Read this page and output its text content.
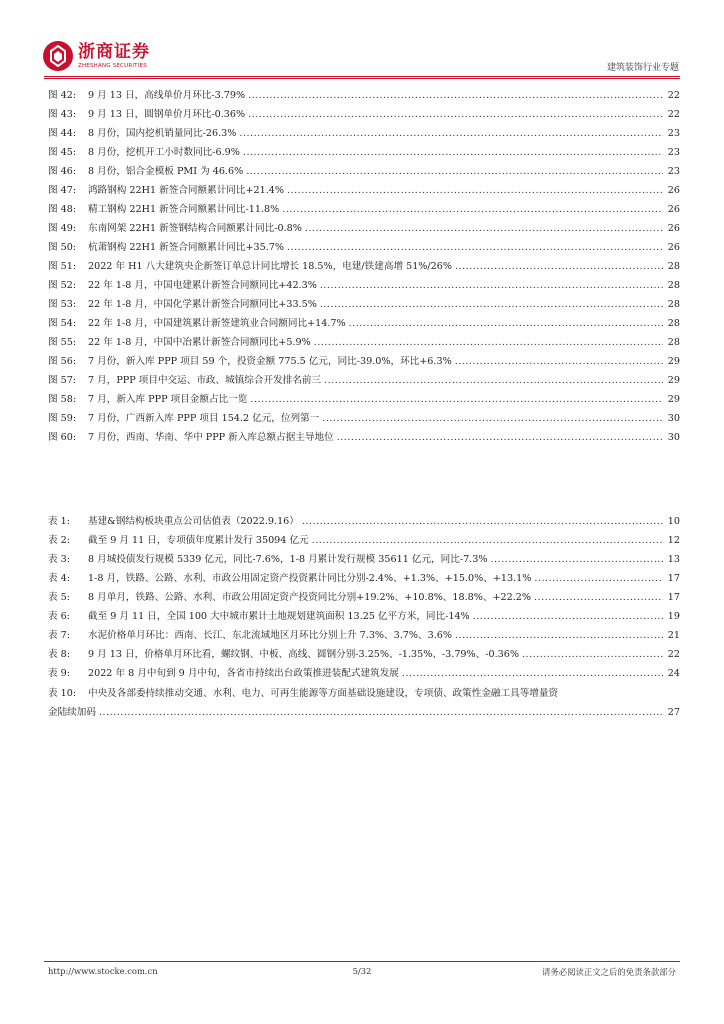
浙商证券
ZHESHANG SECURITIES	建筑装饰行业专题
图 42:	9 月 13 日，高线单价月环比-3.79% .....	22
图 43:	9 月 13 日，圆钢单价月环比-0.36% .....	22
图 44:	8 月份，国内挖机销量同比-26.3% .....	23
图 45:	8 月份，挖机开工小时数同比-6.9% .....	23
图 46:	8 月份，铝合金模板 PMI 为 46.6% .....	23
图 47:	鸿路钢构 22H1 新签合同额累计同比+21.4% .....	26
图 48:	精工钢构 22H1 新签合同额累计同比-11.8% .....	26
图 49:	东南网架 22H1 新签钢结构合同额累计同比-0.8% .....	26
图 50:	杭萧钢构 22H1 新签合同额累计同比+35.7% .....	26
图 51:	2022 年 H1 八大建筑央企新签订单总计同比增长 18.5%，电建/铁建高增 51%/26% .....	28
图 52:	22 年 1-8 月，中国电建累计新签合同额同比+42.3% .....	28
图 53:	22 年 1-8 月，中国化学累计新签合同额同比+33.5% .....	28
图 54:	22 年 1-8 月，中国建筑累计新签建筑业合同额同比+14.7% .....	28
图 55:	22 年 1-8 月，中国中冶累计新签合同额同比+5.9% .....	28
图 56:	7 月份，新入库 PPP 项目 59 个，投资金额 775.5 亿元，同比-39.0%，环比+6.3% .....	29
图 57:	7 月，PPP 项目中交运、市政、城镇综合开发排名前三 .....	29
图 58:	7 月，新入库 PPP 项目金额占比一览 .....	29
图 59:	7 月份，广西新入库 PPP 项目 154.2 亿元，位列第一 .....	30
图 60:	7 月份，西南、华南、华中 PPP 新入库总额占据主导地位 .....	30
表 1:	基建&钢结构板块重点公司估值表（2022.9.16） .....	10
表 2:	截至 9 月 11 日，专项债年度累计发行 35094 亿元 .....	12
表 3:	8 月城投债发行规模 5339 亿元，同比-7.6%，1-8 月累计发行规模 35611 亿元，同比-7.3% .....	13
表 4:	1-8 月，铁路、公路、水利、市政公用固定资产投资累计同比分别-2.4%、+1.3%、+15.0%、+13.1% .....	17
表 5:	8 月单月，铁路、公路、水利、市政公用固定资产投资同比分别+19.2%、+10.8%、18.8%、+22.2% .....	17
表 6:	截至 9 月 11 日，全国 100 大中城市累计土地规划建筑面积 13.25 亿平方米，同比-14% .....	19
表 7:	水泥价格单月环比：西南、长江、东北流域地区月环比分别上升 7.3%、3.7%、3.6% .....	21
表 8:	9 月 13 日，价格单月环比看，螺纹钢、中板、高线、圆钢分别-3.25%、-1.35%、-3.79%、-0.36% .....	22
表 9:	2022 年 8 月中旬到 9 月中旬，各省市持续出台政策推进装配式建筑发展 .....	24
表 10:	中央及各部委持续推动交通、水利、电力、可再生能源等方面基础设施建设，专项债、政策性金融工具等增量资
金陆续加码 .....	27
http://www.stocke.com.cn	5/32	请务必阅读正文之后的免责条款部分
